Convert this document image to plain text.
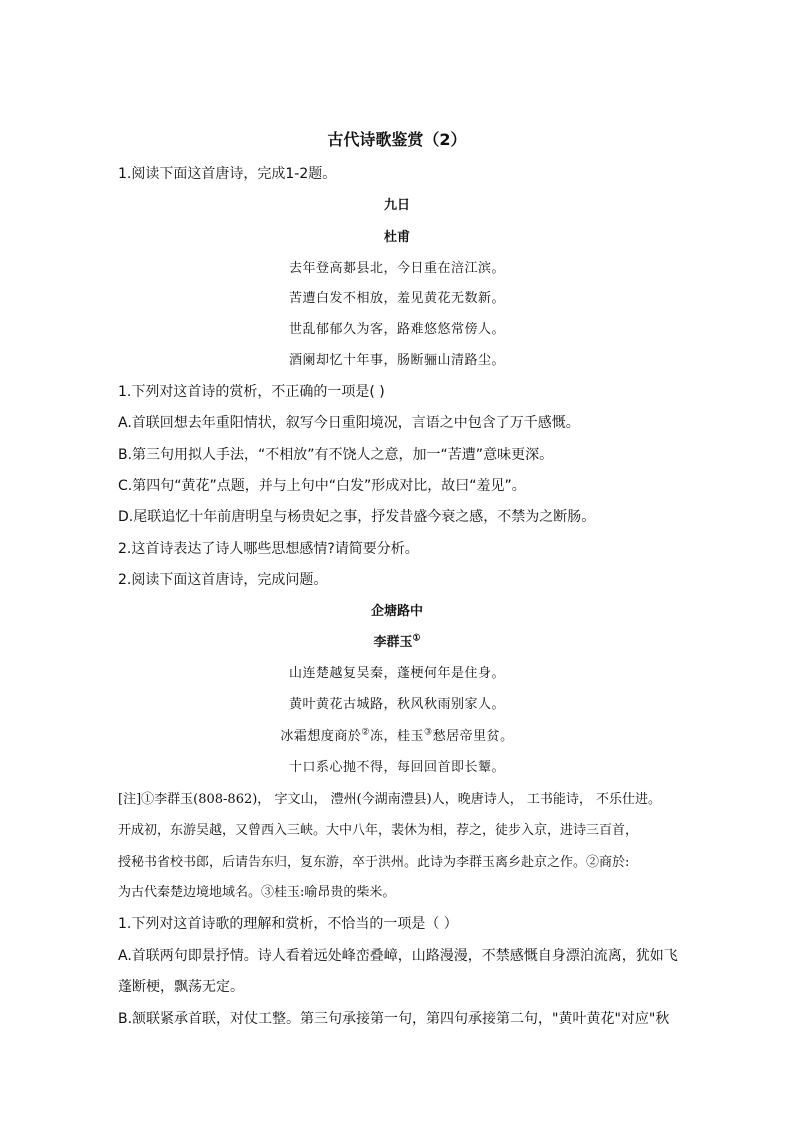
古代诗歌鉴赏（2）
1.阅读下面这首唐诗，完成1-2题。
九日
杜甫
去年登高郪县北，今日重在涪江滨。
苦遭白发不相放，羞见黄花无数新。
世乱郁郁久为客，路难悠悠常傍人。
酒阑却忆十年事，肠断骊山清路尘。
1.下列对这首诗的赏析，不正确的一项是( )
A.首联回想去年重阳情状，叙写今日重阳境况，言语之中包含了万千感慨。
B.第三句用拟人手法，“不相放”有不饶人之意，加一“苦遭”意味更深。
C.第四句“黄花”点题，并与上句中“白发”形成对比，故曰“羞见”。
D.尾联追忆十年前唐明皇与杨贵妃之事，抒发昔盛今衰之感，不禁为之断肠。
2.这首诗表达了诗人哪些思想感情?请简要分析。
2.阅读下面这首唐诗，完成问题。
企塘路中
李群玉①
山连楚越复吴秦，蓬梗何年是住身。
黄叶黄花古城路，秋风秋雨别家人。
冰霜想度商於②冻，桂玉③愁居帝里贫。
十口系心抛不得，每回回首即长颦。
[注]①李群玉(808-862)， 字文山， 澧州(今湖南澧县)人，晚唐诗人， 工书能诗， 不乐仕进。
开成初，东游吴越，又曾西入三峡。大中八年，裴休为相，荐之，徒步入京，进诗三百首，
授秘书省校书郎，后请告东归，复东游，卒于洪州。此诗为李群玉离乡赴京之作。②商於:
为古代秦楚边境地域名。③桂玉:喻昂贵的柴米。
1.下列对这首诗歌的理解和赏析，不恰当的一项是（ ）
A.首联两句即景抒情。诗人看着远处峰峦叠嶂，山路漫漫，不禁感慨自身漂泊流离，犹如飞
蓬断梗，飘荡无定。
B.颔联紧承首联，对仗工整。第三句承接第一句，第四句承接第二句，"黄叶黄花"对应"秋
